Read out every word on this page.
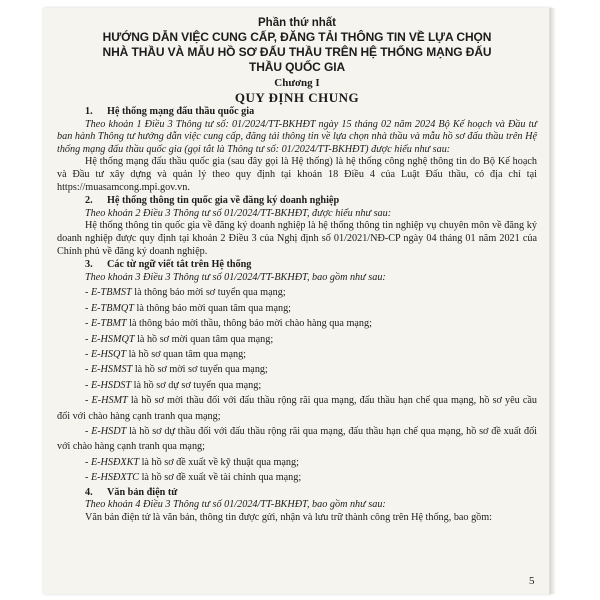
Phần thứ nhất
HƯỚNG DẪN VIỆC CUNG CẤP, ĐĂNG TẢI THÔNG TIN VỀ LỰA CHỌN
NHÀ THẦU VÀ MẪU HỒ SƠ ĐẤU THẦU TRÊN HỆ THỐNG MẠNG ĐẤU
THẦU QUỐC GIA
Chương I
QUY ĐỊNH CHUNG

1. Hệ thống mạng đấu thầu quốc gia

Theo khoản 1 Điều 3 Thông tư số: 01/2024/TT-BKHĐT ngày 15 tháng 02 năm 2024 Bộ Kế hoạch và Đầu tư ban hành Thông tư hướng dẫn việc cung cấp, đăng tải thông tin về lựa chọn nhà thầu và mẫu hồ sơ đấu thầu trên Hệ thống mạng đấu thầu quốc gia (gọi tắt là Thông tư số: 01/2024/TT-BKHĐT) được hiểu như sau:

Hệ thống mạng đấu thầu quốc gia (sau đây gọi là Hệ thống) là hệ thống công nghệ thông tin do Bộ Kế hoạch và Đầu tư xây dựng và quản lý theo quy định tại khoản 18 Điều 4 của Luật Đấu thầu, có địa chỉ tại https://muasamcong.mpi.gov.vn.

2. Hệ thống thông tin quốc gia về đăng ký doanh nghiệp

Theo khoản 2 Điều 3 Thông tư số 01/2024/TT-BKHĐT, được hiểu như sau:

Hệ thống thông tin quốc gia về đăng ký doanh nghiệp là hệ thống thông tin nghiệp vụ chuyên môn về đăng ký doanh nghiệp được quy định tại khoản 2 Điều 3 của Nghị định số 01/2021/NĐ-CP ngày 04 tháng 01 năm 2021 của Chính phủ về đăng ký doanh nghiệp.

3. Các từ ngữ viết tắt trên Hệ thống

Theo khoản 3 Điều 3 Thông tư số 01/2024/TT-BKHĐT, bao gồm như sau:

- E-TBMST là thông báo mời sơ tuyển qua mạng;

- E-TBMQT là thông báo mời quan tâm qua mạng;

- E-TBMT là thông báo mời thầu, thông báo mời chào hàng qua mạng;

- E-HSMQT là hồ sơ mời quan tâm qua mạng;

- E-HSQT là hồ sơ quan tâm qua mạng;

- E-HSMST là hồ sơ mời sơ tuyển qua mạng;

- E-HSDST là hồ sơ dự sơ tuyển qua mạng;

- E-HSMT là hồ sơ mời thầu đối với đấu thầu rộng rãi qua mạng, đấu thầu hạn chế qua mạng, hồ sơ yêu cầu đối với chào hàng cạnh tranh qua mạng;

- E-HSDT là hồ sơ dự thầu đối với đấu thầu rộng rãi qua mạng, đấu thầu hạn chế qua mạng, hồ sơ đề xuất đối với chào hàng cạnh tranh qua mạng;

- E-HSĐXKT là hồ sơ đề xuất về kỹ thuật qua mạng;

- E-HSĐXTC là hồ sơ đề xuất về tài chính qua mạng;

4. Văn bản điện tử

Theo khoản 4 Điều 3 Thông tư số 01/2024/TT-BKHĐT, bao gồm như sau:

Văn bản điện tử là văn bản, thông tin được gửi, nhận và lưu trữ thành công trên Hệ thống, bao gồm:

5
